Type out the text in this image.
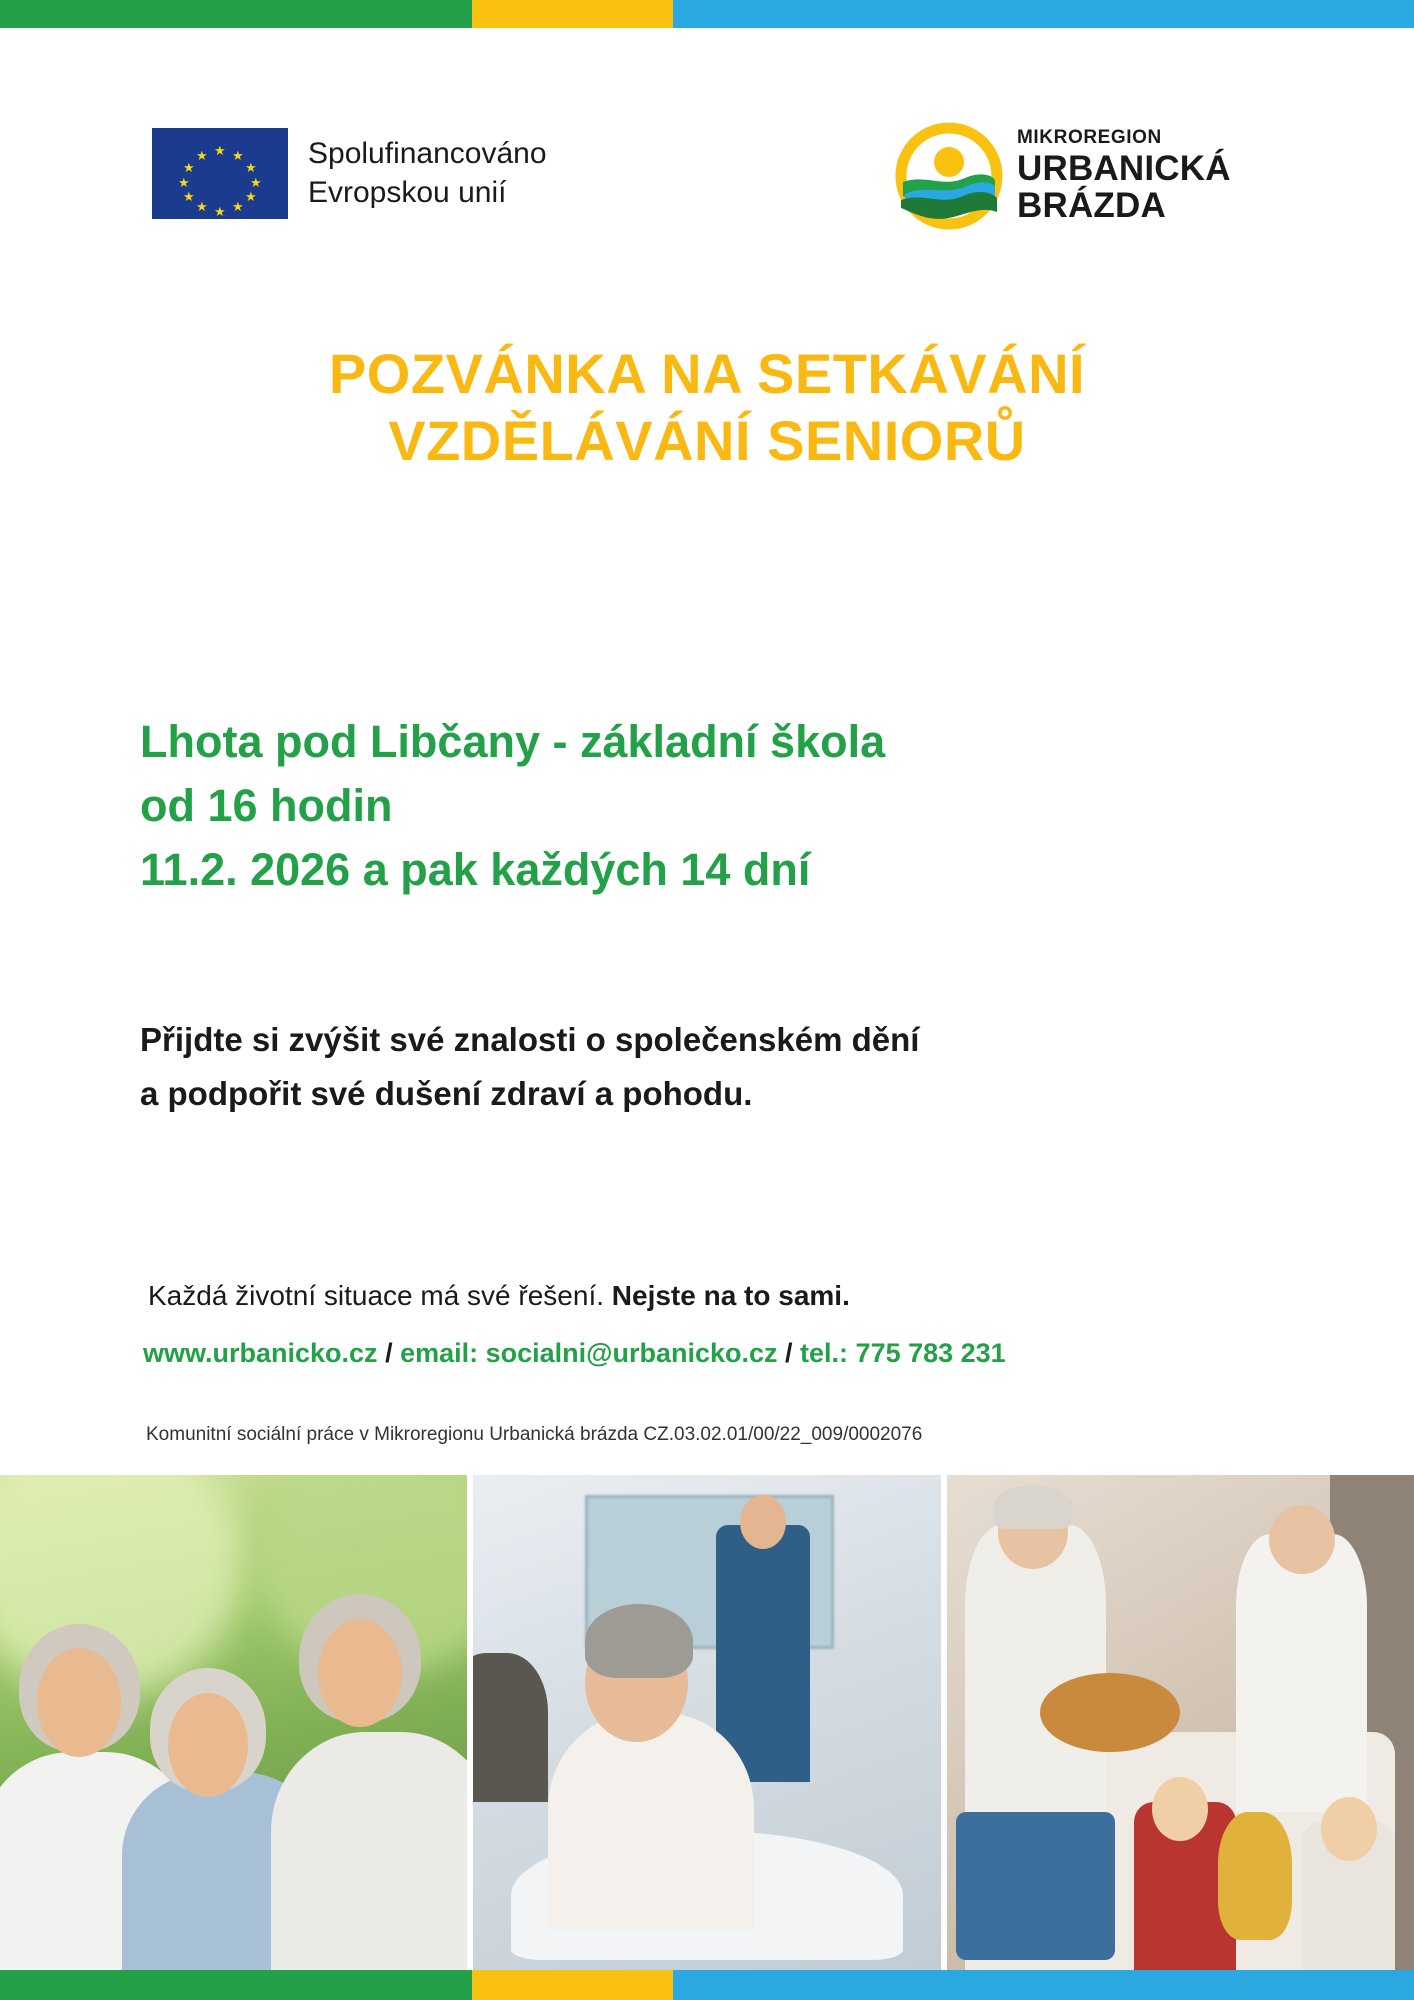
★
★ ★
★	★
★	★
★	★
★ ★
★
Spolufinancováno
Evropskou unií
MIKROREGION
URBANICKÁ
BRÁZDA
POZVÁNKA NA SETKÁVÁNÍ
VZDĚLÁVÁNÍ SENIORŮ
Lhota pod Libčany - základní škola
od 16 hodin
11.2. 2026 a pak každých 14 dní
Přijdte si zvýšit své znalosti o společenském dění
a podpořit své dušení zdraví a pohodu.
Každá životní situace má své řešení. Nejste na to sami.
www.urbanicko.cz / email: socialni@urbanicko.cz / tel.: 775 783 231
Komunitní sociální práce v Mikroregionu Urbanická brázda CZ.03.02.01/00/22_009/0002076
